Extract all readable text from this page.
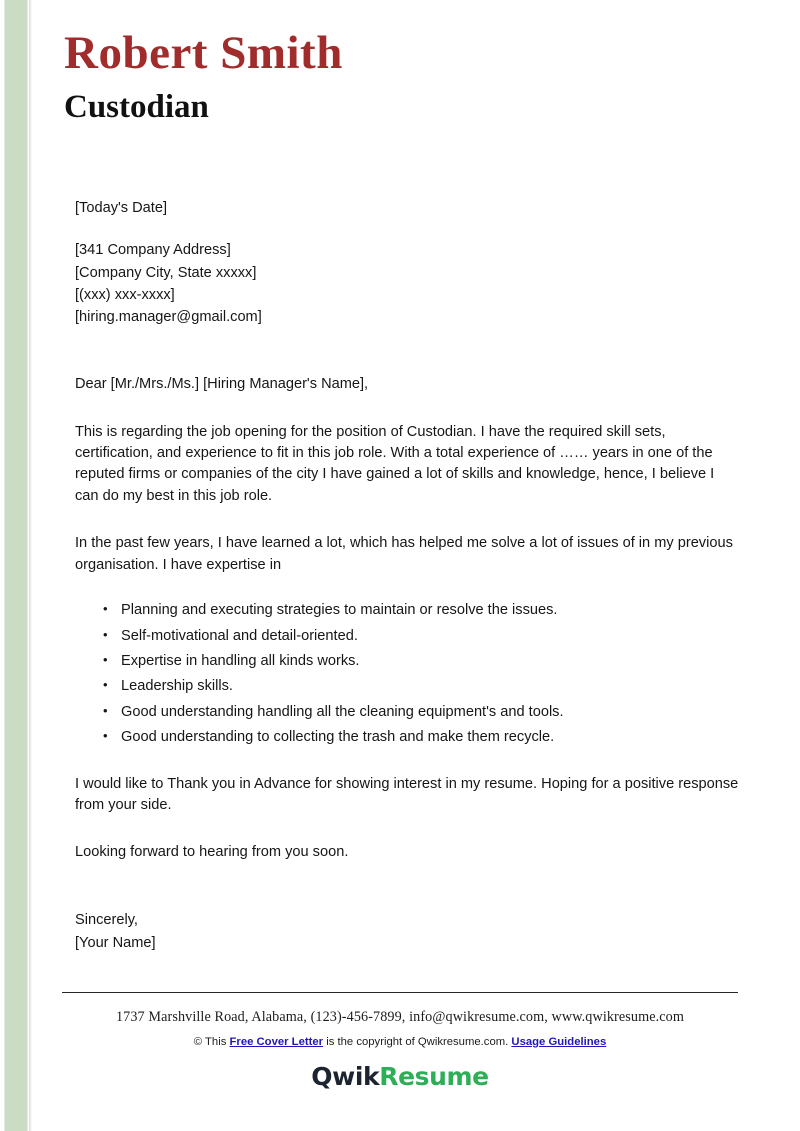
Robert Smith
Custodian

[Today's Date]

[341 Company Address]

[Company City, State xxxxx]

[(xxx) xxx-xxxx]

[hiring.manager@gmail.com]

Dear [Mr./Mrs./Ms.] [Hiring Manager's Name],

This is regarding the job opening for the position of Custodian. I have the required skill sets, certification, and experience to fit in this job role. With a total experience of …… years in one of the reputed firms or companies of the city I have gained a lot of skills and knowledge, hence, I believe I can do my best in this job role.

In the past few years, I have learned a lot, which has helped me solve a lot of issues of in my previous organisation. I have expertise in

• Planning and executing strategies to maintain or resolve the issues.
• Self-motivational and detail-oriented.
• Expertise in handling all kinds works.
• Leadership skills.
• Good understanding handling all the cleaning equipment's and tools.
• Good understanding to collecting the trash and make them recycle.

I would like to Thank you in Advance for showing interest in my resume. Hoping for a positive response from your side.

Looking forward to hearing from you soon.

Sincerely,

[Your Name]

1737 Marshville Road, Alabama, (123)-456-7899, info@qwikresume.com, www.qwikresume.com

© This Free Cover Letter is the copyright of Qwikresume.com. Usage Guidelines

QwikResume
